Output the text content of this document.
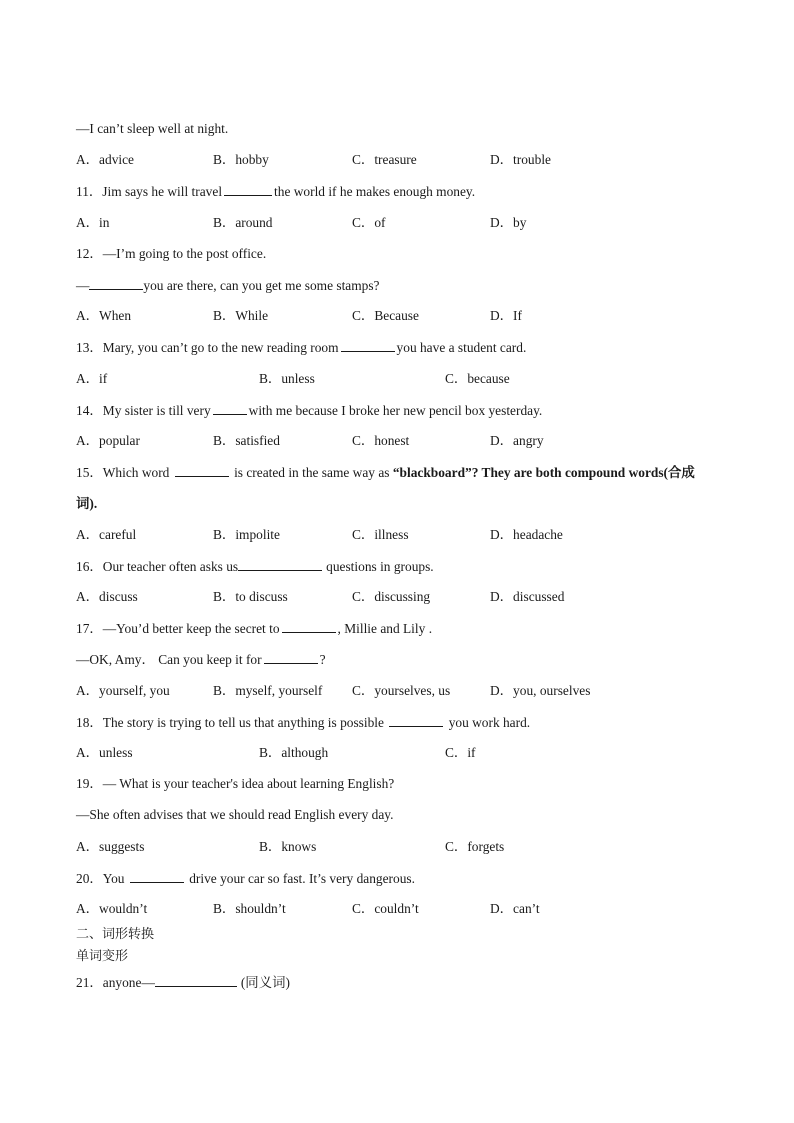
—I can’t sleep well at night.
A．advice	B．hobby	C．treasure	D．trouble
11．Jim says he will travel	the world if he makes enough money.
A．in	B．around	C．of	D．by
12．—I’m going to the post office.
—	you are there, can you get me some stamps?
A．When	B．While	C．Because	D．If
13．Mary, you can’t go to the new reading room	you have a student card.
A．if	B．unless	C．because
14．My sister is till very	with me because I broke her new pencil box yesterday.
A．popular	B．satisfied	C．honest	D．angry
15．Which word	is created in the same way as “blackboard”? They are both compound words(合成
词).
A．careful	B．impolite	C．illness	D．headache
16．Our teacher often asks us	questions in groups.
A．discuss	B．to discuss	C．discussing	D．discussed
17．—You’d better keep the secret to	, Millie and Lily .
—OK, Amy． Can you keep it for	?
A．yourself, you	B．myself, yourself C．yourselves, us	D．you, ourselves
18．The story is trying to tell us that anything is possible	you work hard.
A．unless	B．although	C．if
19．— What is your teacher's idea about learning English?
—She often advises that we should read English every day.
A．suggests	B．knows	C．forgets
20．You	drive your car so fast. It’s very dangerous.
A．wouldn’t	B．shouldn’t	C．couldn’t	D．can’t
二、词形转换
单词变形
21．anyone—	(同义词)
